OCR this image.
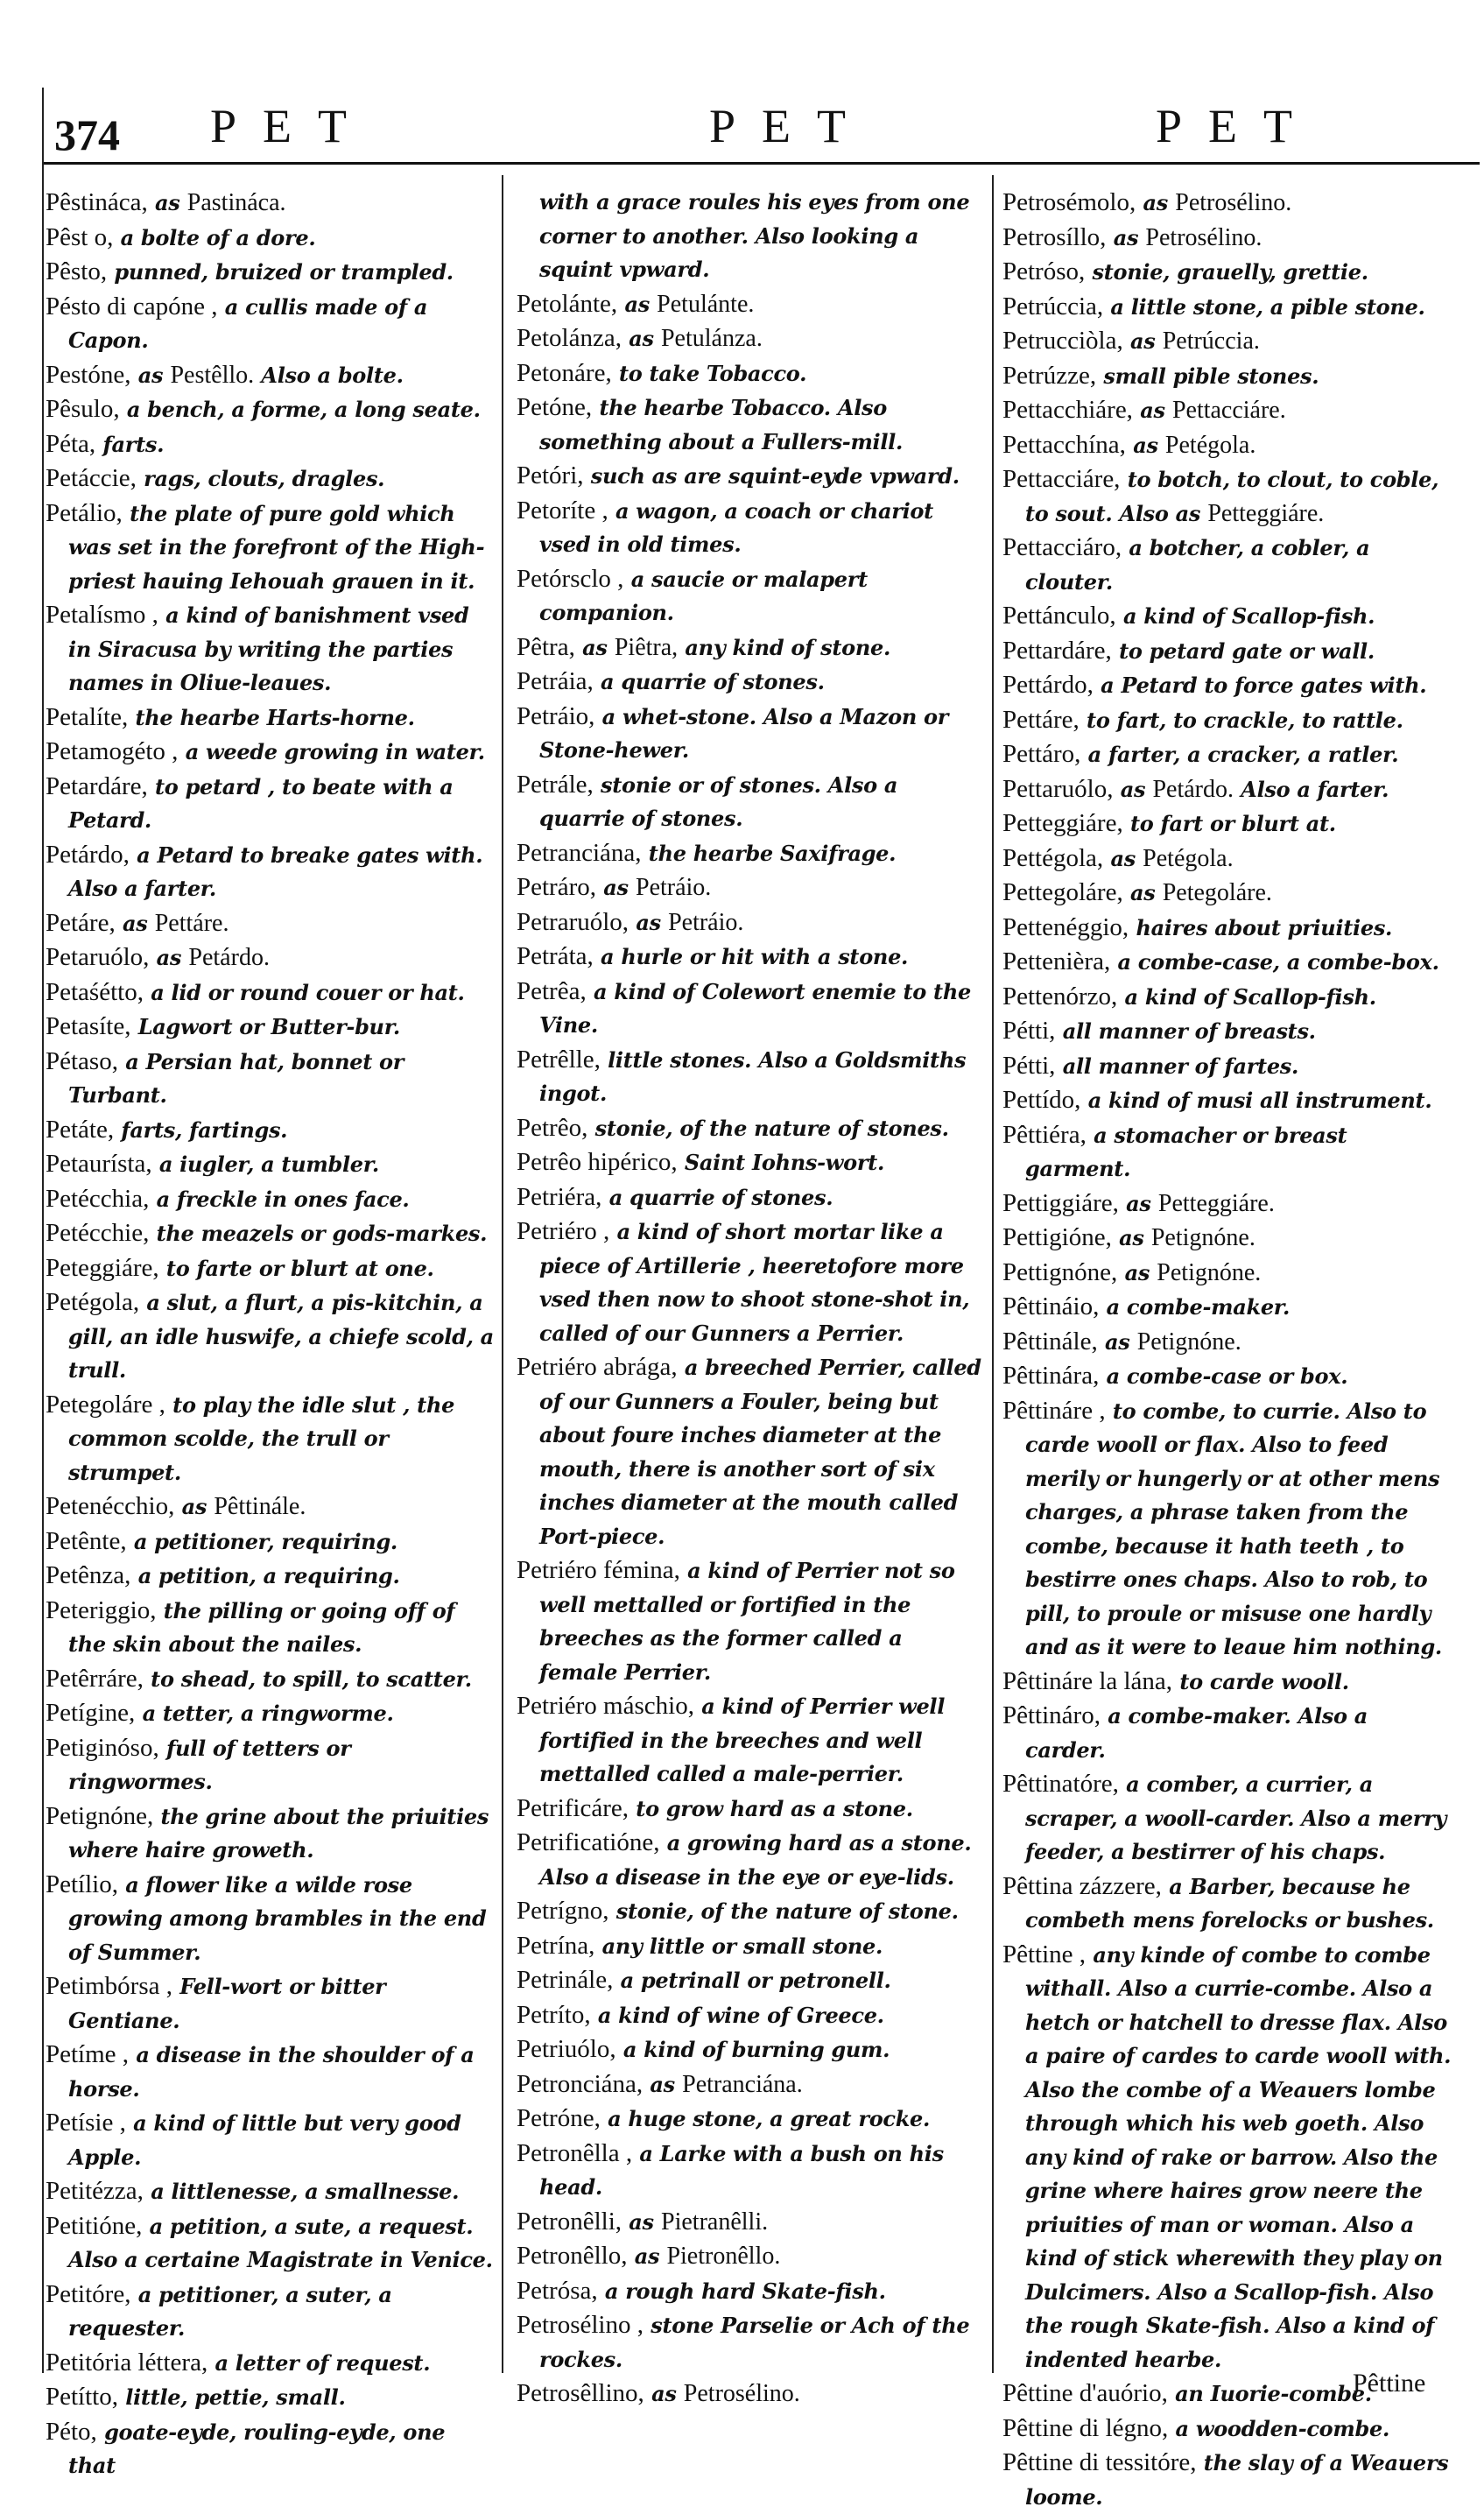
374 PET	PET	PET

Pêstináca, as Pastináca.

Pêst o, a bolte of a dore.

Pêsto, punned, bruized or trampled.

Pésto di capóne , a cullis made of a Capon.

Pestóne, as Pestêllo. Also a bolte.

Pêsulo, a bench, a forme, a long seate.

Péta, farts.

Petáccie, rags, clouts, dragles.

Petálio, the plate of pure gold which was set in the forefront of the High-priest hauing Iehouah grauen in it.

Petalísmo , a kind of banishment vsed in Siracusa by writing the parties names in Oliue-leaues.

Petalíte, the hearbe Harts-horne.

Petamogéto , a weede growing in water.

Petardáre, to petard , to beate with a Petard.

Petárdo, a Petard to breake gates with. Also a farter.

Petáre, as Pettáre.

Petaruólo, as Petárdo.

Petaśétto, a lid or round couer or hat.

Petasíte, Lagwort or Butter-bur.

Pétaso, a Persian hat, bonnet or Turbant.

Petáte, farts, fartings.

Petaurísta, a iugler, a tumbler.

Petécchia, a freckle in ones face.

Petécchie, the meazels or gods-markes.

Peteggiáre, to farte or blurt at one.

Petégola, a slut, a flurt, a pis-kitchin, a gill, an idle huswife, a chiefe scold, a trull.

Petegoláre , to play the idle slut , the common scolde, the trull or strumpet.

Petenécchio, as Pêttinále.

Petênte, a petitioner, requiring.

Petênza, a petition, a requiring.

Peteriggio, the pilling or going off of the skin about the nailes.

Petêrráre, to shead, to spill, to scatter.

Petígine, a tetter, a ringworme.

Petiginóso, full of tetters or ringwormes.

Petignóne, the grine about the priuities where haire groweth.

Petílio, a flower like a wilde rose growing among brambles in the end of Summer.

Petimbórsa , Fell-wort or bitter Gentiane.

Petíme , a disease in the shoulder of a horse.

Petísie , a kind of little but very good Apple.

Petitézza, a littlenesse, a smallnesse.

Petitióne, a petition, a sute, a request. Also a certaine Magistrate in Venice.

Petitóre, a petitioner, a suter, a requester.

Petitória léttera, a letter of request.

Petítto, little, pettie, small.

Péto, goate-eyde, rouling-eyde, one that

with a grace roules his eyes from one corner to another. Also looking a squint vpward.

Petolánte, as Petulánte.

Petolánza, as Petulánza.

Petonáre, to take Tobacco.

Petóne, the hearbe Tobacco. Also something about a Fullers-mill.

Petóri, such as are squint-eyde vpward.

Petoríte , a wagon, a coach or chariot vsed in old times.

Petórsclo , a saucie or malapert companion.

Pêtra, as Piêtra, any kind of stone.

Petráia, a quarrie of stones.

Petráio, a whet-stone. Also a Mazon or Stone-hewer.

Petrále, stonie or of stones. Also a quarrie of stones.

Petranciána, the hearbe Saxifrage.

Petráro, as Petráio.

Petraruólo, as Petráio.

Petráta, a hurle or hit with a stone.

Petrêa, a kind of Colewort enemie to the Vine.

Petrêlle, little stones. Also a Goldsmiths ingot.

Petrêo, stonie, of the nature of stones.

Petrêo hipérico, Saint Iohns-wort.

Petriéra, a quarrie of stones.

Petriéro , a kind of short mortar like a piece of Artillerie , heeretofore more vsed then now to shoot stone-shot in, called of our Gunners a Perrier.

Petriéro abrága, a breeched Perrier, called of our Gunners a Fouler, being but about foure inches diameter at the mouth, there is another sort of six inches diameter at the mouth called Port-piece.

Petriéro fémina, a kind of Perrier not so well mettalled or fortified in the breeches as the former called a female Perrier.

Petriéro máschio, a kind of Perrier well fortified in the breeches and well mettalled called a male-perrier.

Petrificáre, to grow hard as a stone.

Petrificatióne, a growing hard as a stone. Also a disease in the eye or eye-lids.

Petrígno, stonie, of the nature of stone.

Petrína, any little or small stone.

Petrinále, a petrinall or petronell.

Petríto, a kind of wine of Greece.

Petriuólo, a kind of burning gum.

Petronciána, as Petranciána.

Petróne, a huge stone, a great rocke.

Petronêlla , a Larke with a bush on his head.

Petronêlli, as Pietranêlli.

Petronêllo, as Pietronêllo.

Petrósa, a rough hard Skate-fish.

Petrosélino , stone Parselie or Ach of the rockes.

Petrosêllino, as Petrosélino.

Petrosémolo, as Petrosélino.

Petrosíllo, as Petrosélino.

Petróso, stonie, grauelly, grettie.

Petrúccia, a little stone, a pible stone.

Petrucciòla, as Petrúccia.

Petrúzze, small pible stones.

Pettacchiáre, as Pettacciáre.

Pettacchína, as Petégola.

Pettacciáre, to botch, to clout, to coble, to sout. Also as Petteggiáre.

Pettacciáro, a botcher, a cobler, a clouter.

Pettánculo, a kind of Scallop-fish.

Pettardáre, to petard gate or wall.

Pettárdo, a Petard to force gates with.

Pettáre, to fart, to crackle, to rattle.

Pettáro, a farter, a cracker, a ratler.

Pettaruólo, as Petárdo. Also a farter.

Petteggiáre, to fart or blurt at.

Pettégola, as Petégola.

Pettegoláre, as Petegoláre.

Pettenéggio, haires about priuities.

Pettenièra, a combe-case, a combe-box.

Pettenórzo, a kind of Scallop-fish.

Pétti, all manner of breasts.

Pétti, all manner of fartes.

Pettído, a kind of musi all instrument.

Pêttiéra, a stomacher or breast garment.

Pettiggiáre, as Petteggiáre.

Pettigióne, as Petignóne.

Pettignóne, as Petignóne.

Pêttináio, a combe-maker.

Pêttinále, as Petignóne.

Pêttinára, a combe-case or box.

Pêttináre , to combe, to currie. Also to carde wooll or flax. Also to feed merily or hungerly or at other mens charges, a phrase taken from the combe, because it hath teeth , to bestirre ones chaps. Also to rob, to pill, to proule or misuse one hardly and as it were to leaue him nothing.

Pêttináre la lána, to carde wooll.

Pêttináro, a combe-maker. Also a carder.

Pêttinatóre, a comber, a currier, a scraper, a wooll-carder. Also a merry feeder, a bestirrer of his chaps.

Pêttina zázzere, a Barber, because he combeth mens forelocks or bushes.

Pêttine , any kinde of combe to combe withall. Also a currie-combe. Also a hetch or hatchell to dresse flax. Also a paire of cardes to carde wooll with. Also the combe of a Weauers lombe through which his web goeth. Also any kind of rake or barrow. Also the grine where haires grow neere the priuities of man or woman. Also a kind of stick wherewith they play on Dulcimers. Also a Scallop-fish. Also the rough Skate-fish. Also a kind of indented hearbe.

Pêttine d'auório, an Iuorie-combe.

Pêttine di légno, a woodden-combe.

Pêttine di tessitóre, the slay of a Weauers loome.

Pêttine
